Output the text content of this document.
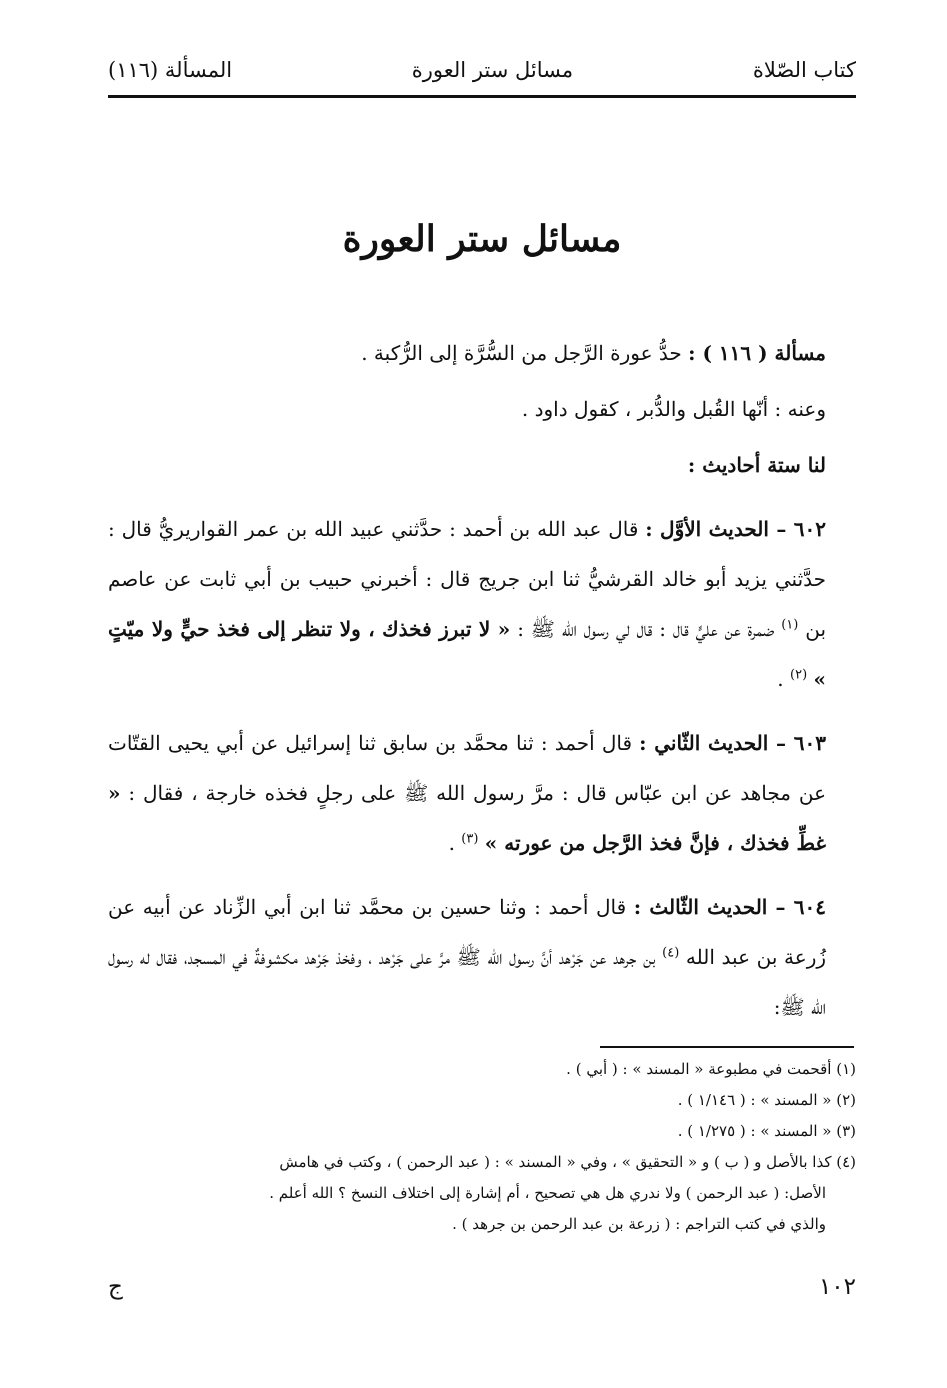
كتاب الصّلاة
مسائل ستر العورة
المسألة (١١٦)
مسائل ستر العورة

مسألة ( ١١٦ ) : حدُّ عورة الرَّجل من السُّرَّة إلى الرُّكبة .

وعنه : أنّها القُبل والدُّبر ، كقول داود .

لنا ستة أحاديث :

٦٠٢ – الحديث الأوَّل : قال عبد الله بن أحمد : حدَّثني عبيد الله بن عمر القواريريُّ قال : حدَّثني يزيد أبو خالد القرشيُّ ثنا ابن جريج قال : أخبرني حبيب بن أبي ثابت عن عاصم بن $^{(١)}$ ضمرة عن عليٍّ قال : قال لي رسول الله ﷺ : « لا تبرز فخذك ، ولا تنظر إلى فخذ حيٍّ ولا ميّتٍ » $^{(٢)}$ .

٦٠٣ – الحديث الثّاني : قال أحمد : ثنا محمَّد بن سابق ثنا إسرائيل عن أبي يحيى القتّات عن مجاهد عن ابن عبّاس قال : مرَّ رسول الله ﷺ على رجلٍ فخذه خارجة ، فقال : « غطِّ فخذك ، فإنَّ فخذ الرَّجل من عورته » $^{(٣)}$ .

٦٠٤ – الحديث الثّالث : قال أحمد : وثنا حسين بن محمَّد ثنا ابن أبي الزِّناد عن أبيه عن زُرعة بن عبد الله $^{(٤)}$ بن جرهد عن جَرْهد أنَّ رسول الله ﷺ مرَّ على جَرْهد ، وفخذ جَرْهد مكشوفةٌ في المسجد، فقال له رسول الله ﷺ:

(١) أقحمت في مطبوعة « المسند » : ( أبي ) .

(٢) « المسند » : ( ١/١٤٦ ) .

(٣) « المسند » : ( ١/٢٧٥ ) .

(٤) كذا بالأصل و ( ب ) و « التحقيق » ، وفي « المسند » : ( عبد الرحمن ) ، وكتب في هامش

الأصل: ( عبد الرحمن ) ولا ندري هل هي تصحيح ، أم إشارة إلى اختلاف النسخ ؟ الله أعلم .

والذي في كتب التراجم : ( زرعة بن عبد الرحمن بن جرهد ) .

١٠٢
ج
